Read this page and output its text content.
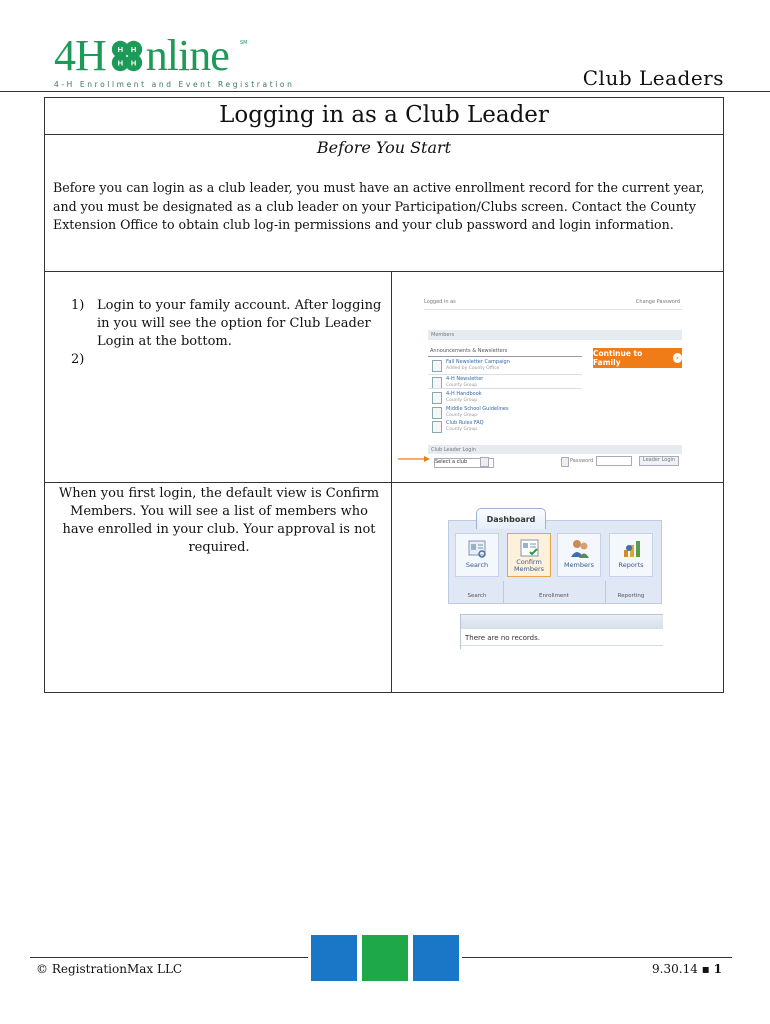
4H nline
H H
H H
SM
4-H Enrollment and Event Registration	Club Leaders
Logging in as a Club Leader
Before You Start
Before you can login as a club leader, you must have an active enrollment record for the current year, and you must be designated as a club leader on your Participation/Clubs screen. Contact the County Extension Office to obtain club log-in permissions and your club password and login information.
1) Login to your family account. After logging in you will see the option for Club Leader Login at the bottom.
2)

When you first login, the default view is Confirm Members. You will see a list of members who have enrolled in your club. Your approval is not required.
Logged in as	Change Password
Members
Announcements & Newsletters	Continue to Family	›
Fall Newsletter Campaign
Added by County Office
4-H Newsletter
County Group
4-H Handbook
County Group
Middle School Guidelines
County Group
Club Rules FAQ
County Group
Club Leader Login
Select a club	Password	Leader Login
Dashboard
Search	Confirm Members	Members	Reports
Search	Enrollment	Reporting
There are no records.
© RegistrationMax LLC	9.30.14 ▪ 1
